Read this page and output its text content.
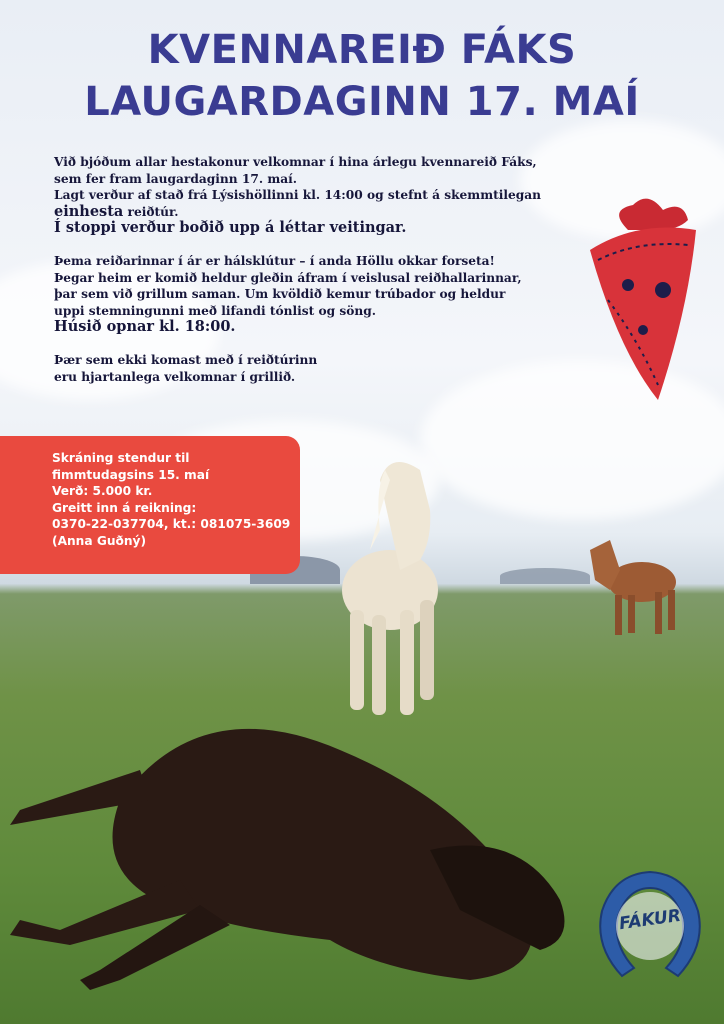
KVENNAREIÐ FÁKS
LAUGARDAGINN 17. MAÍ

Við bjóðum allar hestakonur velkomnar í hina árlegu kvennareið Fáks,

sem fer fram laugardaginn 17. maí.

Lagt verður af stað frá Lýsishöllinni kl. 14:00 og stefnt á skemmtilegan

einhesta reiðtúr.

Í stoppi verður boðið upp á léttar veitingar.

Þema reiðarinnar í ár er hálsklútur – í anda Höllu okkar forseta!

Þegar heim er komið heldur gleðin áfram í veislusal reiðhallarinnar,

þar sem við grillum saman. Um kvöldið kemur trúbador og heldur

uppi stemningunni með lifandi tónlist og söng.

Húsið opnar kl. 18:00.

Þær sem ekki komast með í reiðtúrinn

eru hjartanlega velkomnar í grillið.

Skráning stendur til

fimmtudagsins 15. maí

Verð: 5.000 kr.

Greitt inn á reikning:

0370-22-037704, kt.: 081075-3609

(Anna Guðný)

FÁKUR
